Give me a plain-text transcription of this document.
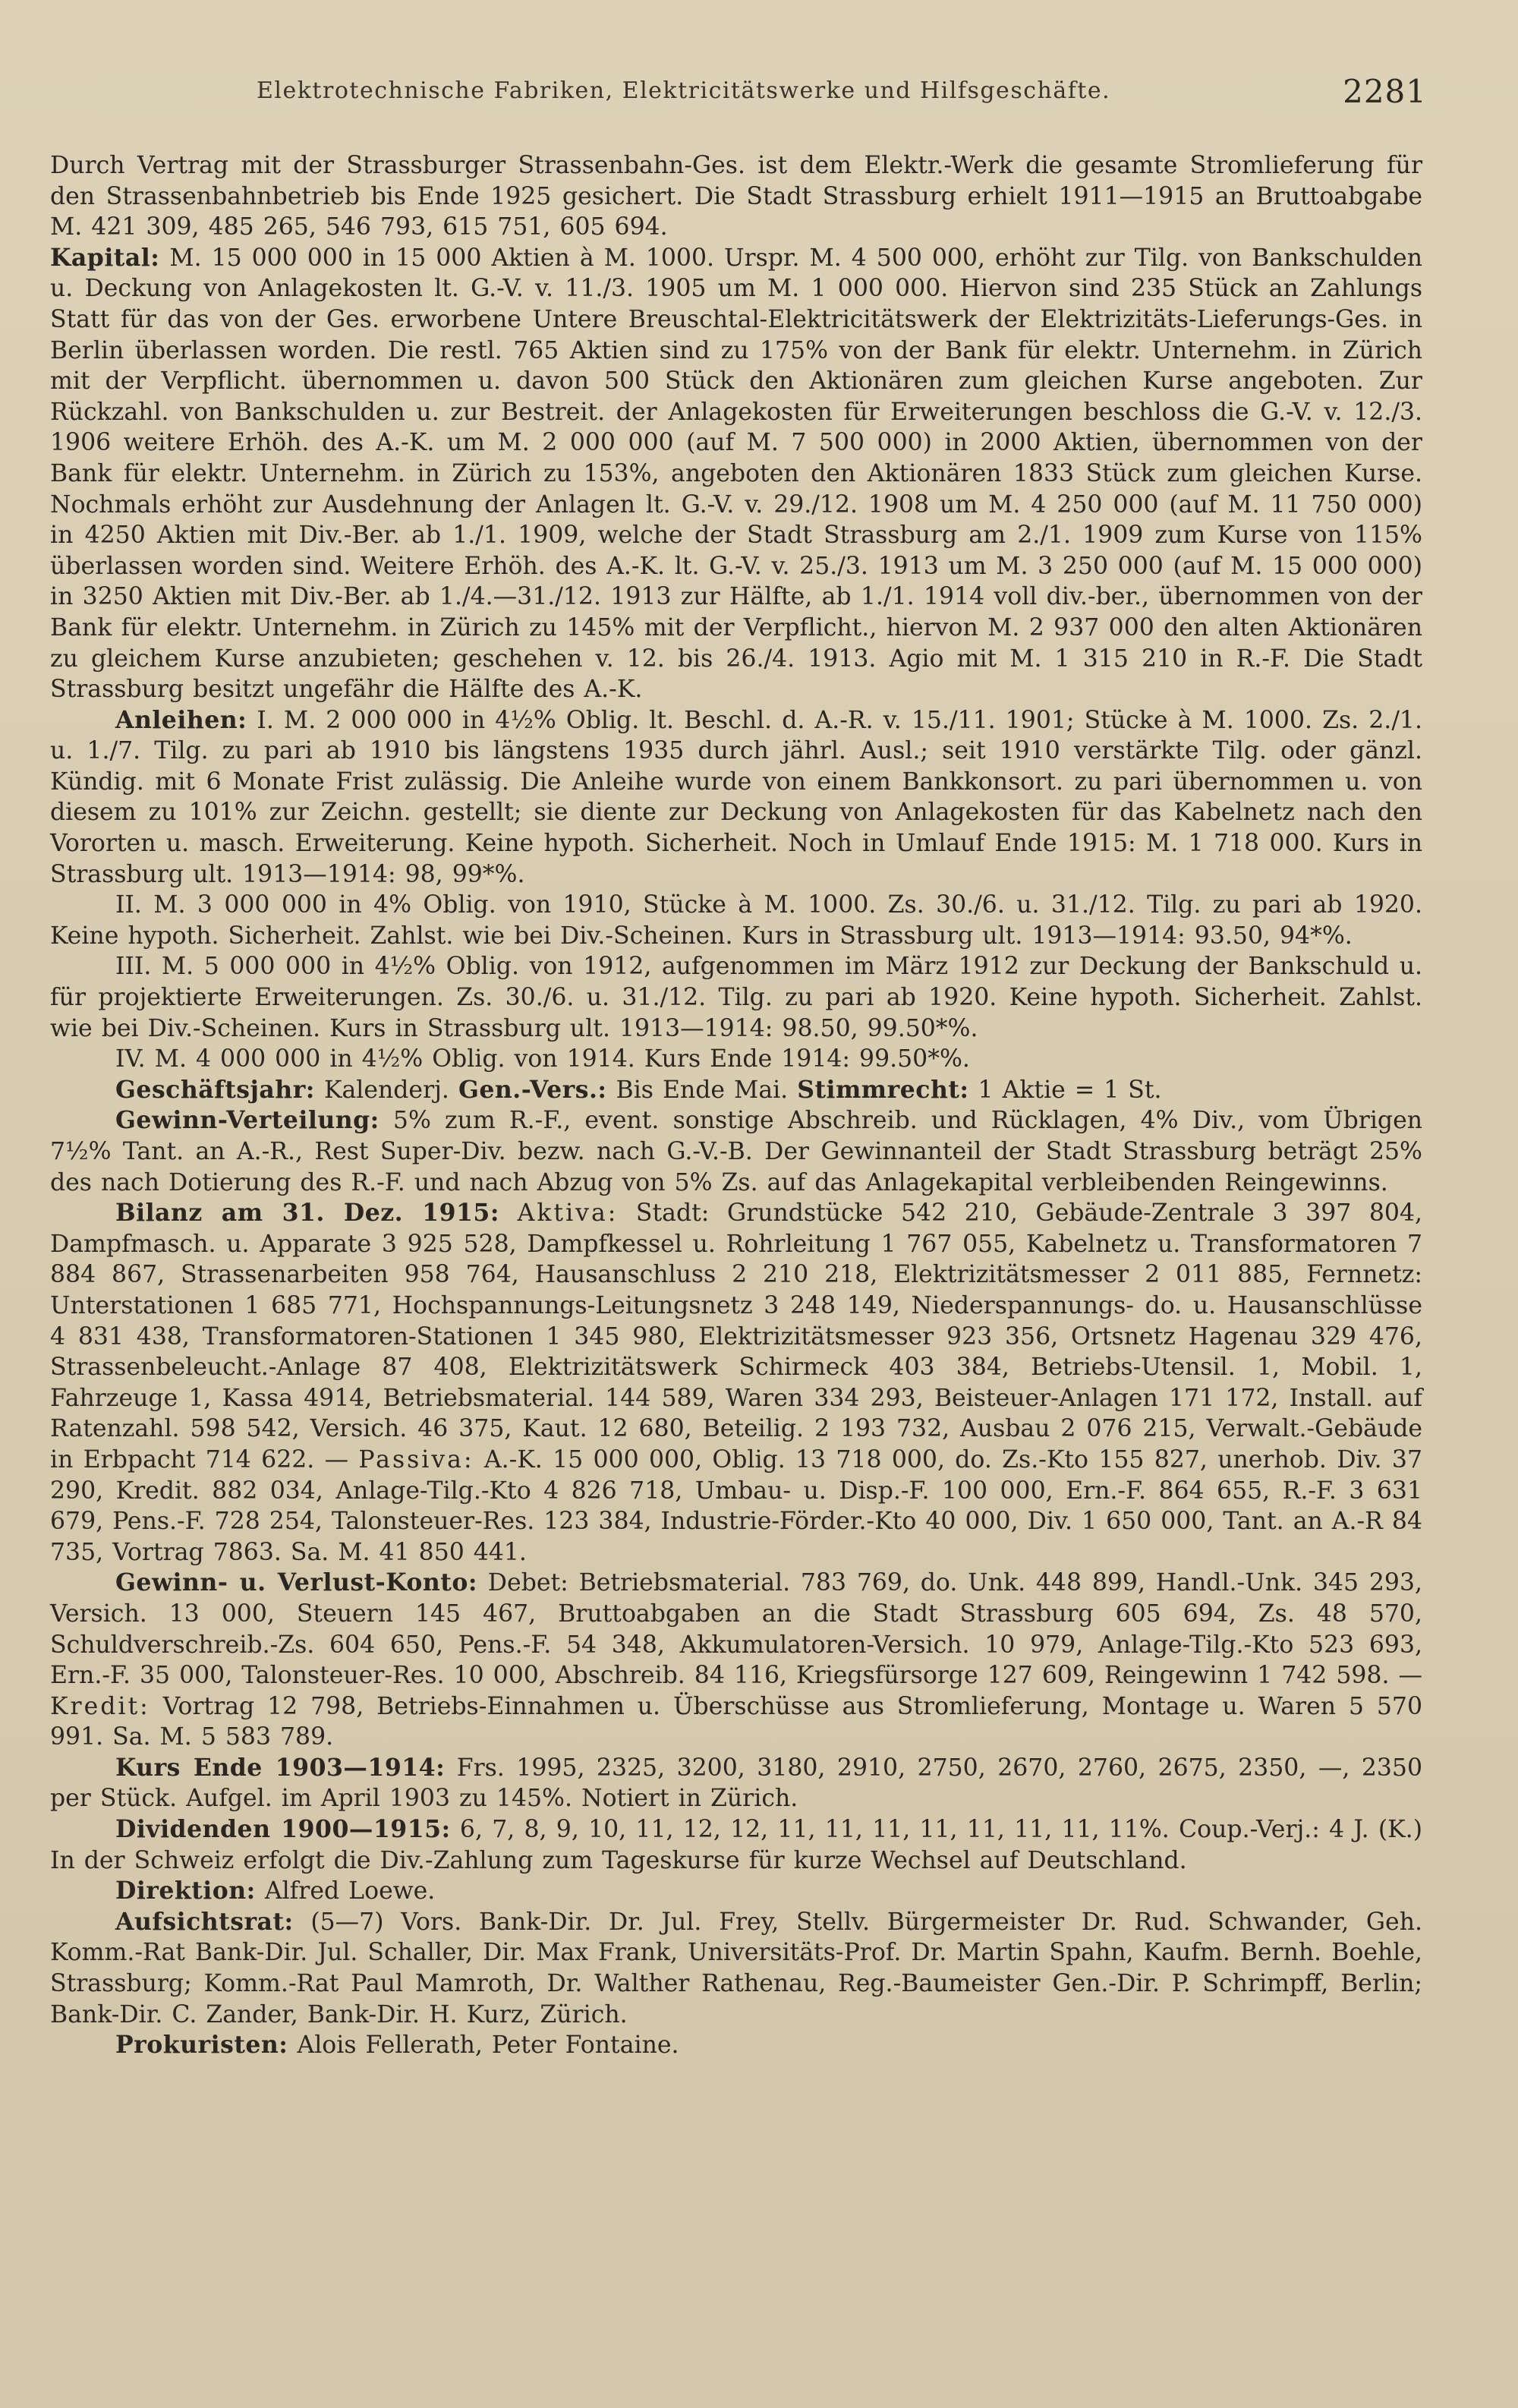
Elektrotechnische Fabriken, Elektricitätswerke und Hilfsgeschäfte.	2281

Durch Vertrag mit der Strassburger Strassenbahn-Ges. ist dem Elektr.-Werk die gesamte Stromlieferung für den Strassenbahnbetrieb bis Ende 1925 gesichert. Die Stadt Strassburg erhielt 1911—1915 an Bruttoabgabe M. 421 309, 485 265, 546 793, 615 751, 605 694.

Kapital: M. 15 000 000 in 15 000 Aktien à M. 1000. Urspr. M. 4 500 000, erhöht zur Tilg. von Bankschulden u. Deckung von Anlagekosten lt. G.-V. v. 11./3. 1905 um M. 1 000 000. Hiervon sind 235 Stück an Zahlungs Statt für das von der Ges. erworbene Untere Breuschtal-Elektricitätswerk der Elektrizitäts-Lieferungs-Ges. in Berlin überlassen worden. Die restl. 765 Aktien sind zu 175% von der Bank für elektr. Unternehm. in Zürich mit der Verpflicht. übernommen u. davon 500 Stück den Aktionären zum gleichen Kurse angeboten. Zur Rückzahl. von Bankschulden u. zur Bestreit. der Anlagekosten für Erweiterungen beschloss die G.-V. v. 12./3. 1906 weitere Erhöh. des A.-K. um M. 2 000 000 (auf M. 7 500 000) in 2000 Aktien, übernommen von der Bank für elektr. Unternehm. in Zürich zu 153%, angeboten den Aktionären 1833 Stück zum gleichen Kurse. Nochmals erhöht zur Ausdehnung der Anlagen lt. G.-V. v. 29./12. 1908 um M. 4 250 000 (auf M. 11 750 000) in 4250 Aktien mit Div.-Ber. ab 1./1. 1909, welche der Stadt Strassburg am 2./1. 1909 zum Kurse von 115% überlassen worden sind. Weitere Erhöh. des A.-K. lt. G.-V. v. 25./3. 1913 um M. 3 250 000 (auf M. 15 000 000) in 3250 Aktien mit Div.-Ber. ab 1./4.—31./12. 1913 zur Hälfte, ab 1./1. 1914 voll div.-ber., übernommen von der Bank für elektr. Unternehm. in Zürich zu 145% mit der Verpflicht., hiervon M. 2 937 000 den alten Aktionären zu gleichem Kurse anzubieten; geschehen v. 12. bis 26./4. 1913. Agio mit M. 1 315 210 in R.-F. Die Stadt Strassburg besitzt ungefähr die Hälfte des A.-K.

Anleihen: I. M. 2 000 000 in 4½% Oblig. lt. Beschl. d. A.-R. v. 15./11. 1901; Stücke à M. 1000. Zs. 2./1. u. 1./7. Tilg. zu pari ab 1910 bis längstens 1935 durch jährl. Ausl.; seit 1910 verstärkte Tilg. oder gänzl. Kündig. mit 6 Monate Frist zulässig. Die Anleihe wurde von einem Bankkonsort. zu pari übernommen u. von diesem zu 101% zur Zeichn. gestellt; sie diente zur Deckung von Anlagekosten für das Kabelnetz nach den Vororten u. masch. Erweiterung. Keine hypoth. Sicherheit. Noch in Umlauf Ende 1915: M. 1 718 000. Kurs in Strassburg ult. 1913—1914: 98, 99*%.

II. M. 3 000 000 in 4% Oblig. von 1910, Stücke à M. 1000. Zs. 30./6. u. 31./12. Tilg. zu pari ab 1920. Keine hypoth. Sicherheit. Zahlst. wie bei Div.-Scheinen. Kurs in Strassburg ult. 1913—1914: 93.50, 94*%.

III. M. 5 000 000 in 4½% Oblig. von 1912, aufgenommen im März 1912 zur Deckung der Bankschuld u. für projektierte Erweiterungen. Zs. 30./6. u. 31./12. Tilg. zu pari ab 1920. Keine hypoth. Sicherheit. Zahlst. wie bei Div.-Scheinen. Kurs in Strassburg ult. 1913—1914: 98.50, 99.50*%.

IV. M. 4 000 000 in 4½% Oblig. von 1914. Kurs Ende 1914: 99.50*%.

Geschäftsjahr: Kalenderj. Gen.-Vers.: Bis Ende Mai. Stimmrecht: 1 Aktie = 1 St.

Gewinn-Verteilung: 5% zum R.-F., event. sonstige Abschreib. und Rücklagen, 4% Div., vom Übrigen 7½% Tant. an A.-R., Rest Super-Div. bezw. nach G.-V.-B. Der Gewinnanteil der Stadt Strassburg beträgt 25% des nach Dotierung des R.-F. und nach Abzug von 5% Zs. auf das Anlagekapital verbleibenden Reingewinns.

Bilanz am 31. Dez. 1915: Aktiva: Stadt: Grundstücke 542 210, Gebäude-Zentrale 3 397 804, Dampfmasch. u. Apparate 3 925 528, Dampfkessel u. Rohrleitung 1 767 055, Kabelnetz u. Transformatoren 7 884 867, Strassenarbeiten 958 764, Hausanschluss 2 210 218, Elektrizitätsmesser 2 011 885, Fernnetz: Unterstationen 1 685 771, Hochspannungs-Leitungsnetz 3 248 149, Niederspannungs- do. u. Hausanschlüsse 4 831 438, Transformatoren-Stationen 1 345 980, Elektrizitätsmesser 923 356, Ortsnetz Hagenau 329 476, Strassenbeleucht.-Anlage 87 408, Elektrizitätswerk Schirmeck 403 384, Betriebs-Utensil. 1, Mobil. 1, Fahrzeuge 1, Kassa 4914, Betriebsmaterial. 144 589, Waren 334 293, Beisteuer-Anlagen 171 172, Install. auf Ratenzahl. 598 542, Versich. 46 375, Kaut. 12 680, Beteilig. 2 193 732, Ausbau 2 076 215, Verwalt.-Gebäude in Erbpacht 714 622. — Passiva: A.-K. 15 000 000, Oblig. 13 718 000, do. Zs.-Kto 155 827, unerhob. Div. 37 290, Kredit. 882 034, Anlage-Tilg.-Kto 4 826 718, Umbau- u. Disp.-F. 100 000, Ern.-F. 864 655, R.-F. 3 631 679, Pens.-F. 728 254, Talonsteuer-Res. 123 384, Industrie-Förder.-Kto 40 000, Div. 1 650 000, Tant. an A.-R 84 735, Vortrag 7863. Sa. M. 41 850 441.

Gewinn- u. Verlust-Konto: Debet: Betriebsmaterial. 783 769, do. Unk. 448 899, Handl.-Unk. 345 293, Versich. 13 000, Steuern 145 467, Bruttoabgaben an die Stadt Strassburg 605 694, Zs. 48 570, Schuldverschreib.-Zs. 604 650, Pens.-F. 54 348, Akkumulatoren-Versich. 10 979, Anlage-Tilg.-Kto 523 693, Ern.-F. 35 000, Talonsteuer-Res. 10 000, Abschreib. 84 116, Kriegsfürsorge 127 609, Reingewinn 1 742 598. — Kredit: Vortrag 12 798, Betriebs-Einnahmen u. Überschüsse aus Stromlieferung, Montage u. Waren 5 570 991. Sa. M. 5 583 789.

Kurs Ende 1903—1914: Frs. 1995, 2325, 3200, 3180, 2910, 2750, 2670, 2760, 2675, 2350, —, 2350 per Stück. Aufgel. im April 1903 zu 145%. Notiert in Zürich.

Dividenden 1900—1915: 6, 7, 8, 9, 10, 11, 12, 12, 11, 11, 11, 11, 11, 11, 11, 11%. Coup.-Verj.: 4 J. (K.) In der Schweiz erfolgt die Div.-Zahlung zum Tageskurse für kurze Wechsel auf Deutschland.

Direktion: Alfred Loewe.

Aufsichtsrat: (5—7) Vors. Bank-Dir. Dr. Jul. Frey, Stellv. Bürgermeister Dr. Rud. Schwander, Geh. Komm.-Rat Bank-Dir. Jul. Schaller, Dir. Max Frank, Universitäts-Prof. Dr. Martin Spahn, Kaufm. Bernh. Boehle, Strassburg; Komm.-Rat Paul Mamroth, Dr. Walther Rathenau, Reg.-Baumeister Gen.-Dir. P. Schrimpff, Berlin; Bank-Dir. C. Zander, Bank-Dir. H. Kurz, Zürich.

Prokuristen: Alois Fellerath, Peter Fontaine.
